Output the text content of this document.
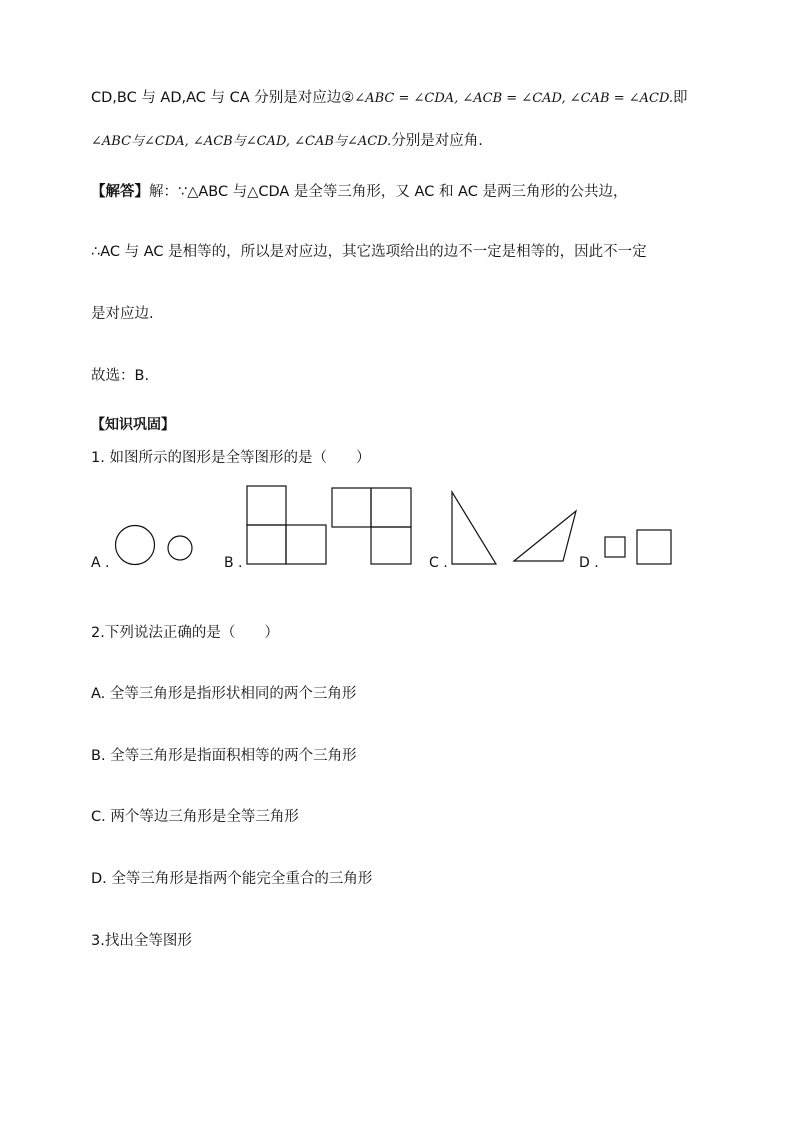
CD,BC 与 AD,AC 与 CA 分别是对应边②∠ABC = ∠CDA, ∠ACB = ∠CAD, ∠CAB = ∠ACD.即
∠ABC与∠CDA, ∠ACB与∠CAD, ∠CAB与∠ACD.分别是对应角.
【解答】解：∵△ABC 与△CDA 是全等三角形，又 AC 和 AC 是两三角形的公共边，
∴AC 与 AC 是相等的，所以是对应边，其它选项给出的边不一定是相等的，因此不一定
是对应边.
故选：B.
【知识巩固】
1. 如图所示的图形是全等图形的是（　　）
A .	B .	C .	D .
2.下列说法正确的是（　　）
A. 全等三角形是指形状相同的两个三角形
B. 全等三角形是指面积相等的两个三角形
C. 两个等边三角形是全等三角形
D. 全等三角形是指两个能完全重合的三角形
3.找出全等图形
